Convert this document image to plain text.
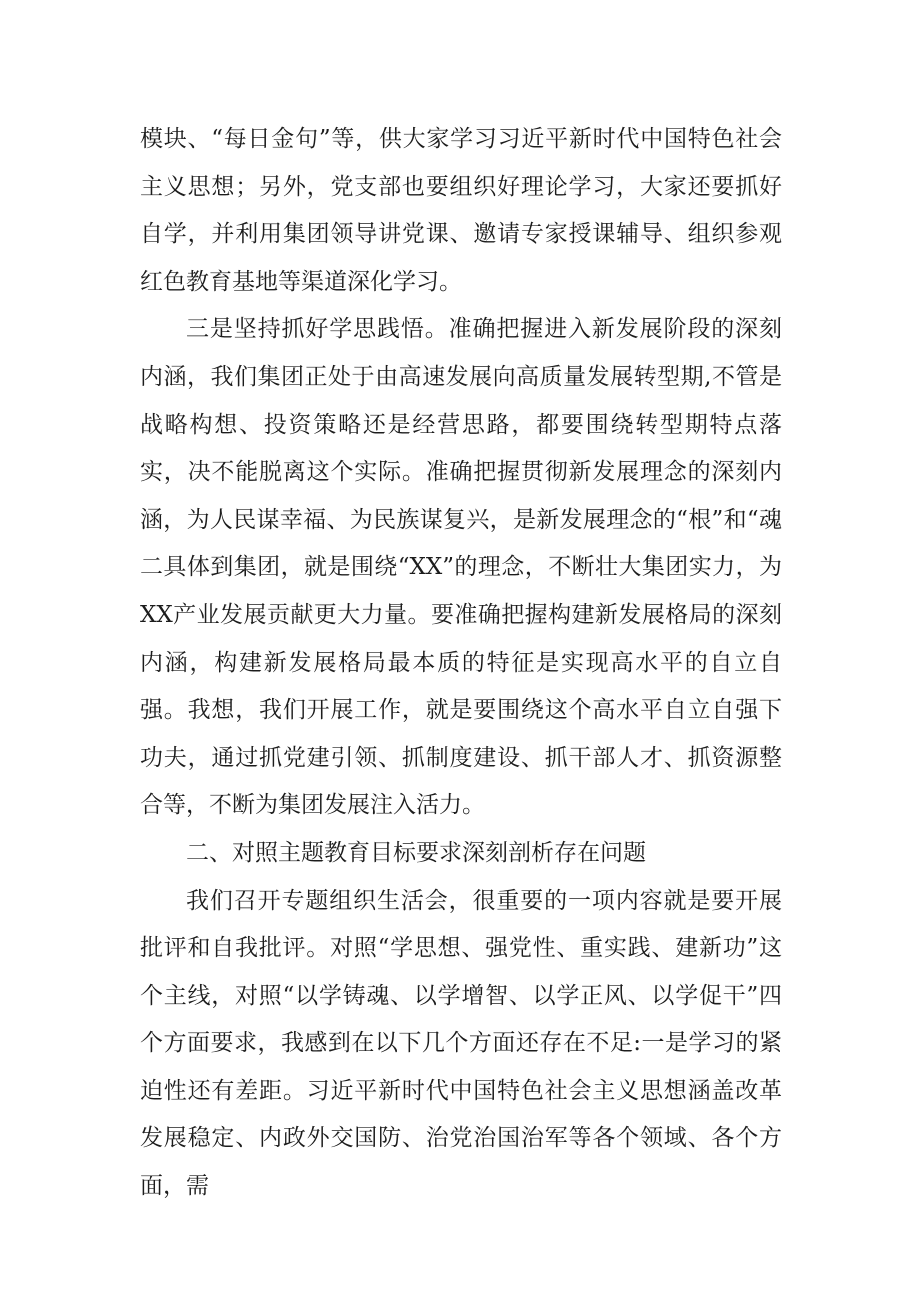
模块、“每日金句”等，供大家学习习近平新时代中国特色社会主义思想；另外，党支部也要组织好理论学习，大家还要抓好自学，并利用集团领导讲党课、邀请专家授课辅导、组织参观红色教育基地等渠道深化学习。

三是坚持抓好学思践悟。准确把握进入新发展阶段的深刻内涵，我们集团正处于由高速发展向高质量发展转型期,不管是战略构想、投资策略还是经营思路，都要围绕转型期特点落实，决不能脱离这个实际。准确把握贯彻新发展理念的深刻内涵，为人民谋幸福、为民族谋复兴，是新发展理念的“根”和“魂二具体到集团，就是围绕“XX”的理念，不断壮大集团实力，为XX产业发展贡献更大力量。要准确把握构建新发展格局的深刻内涵，构建新发展格局最本质的特征是实现高水平的自立自强。我想，我们开展工作，就是要围绕这个高水平自立自强下功夫，通过抓党建引领、抓制度建设、抓干部人才、抓资源整合等，不断为集团发展注入活力。

二、对照主题教育目标要求深刻剖析存在问题

我们召开专题组织生活会，很重要的一项内容就是要开展批评和自我批评。对照“学思想、强党性、重实践、建新功”这个主线，对照“以学铸魂、以学增智、以学正风、以学促干”四个方面要求，我感到在以下几个方面还存在不足:一是学习的紧迫性还有差距。习近平新时代中国特色社会主义思想涵盖改革发展稳定、内政外交国防、治党治国治军等各个领域、各个方面，需
